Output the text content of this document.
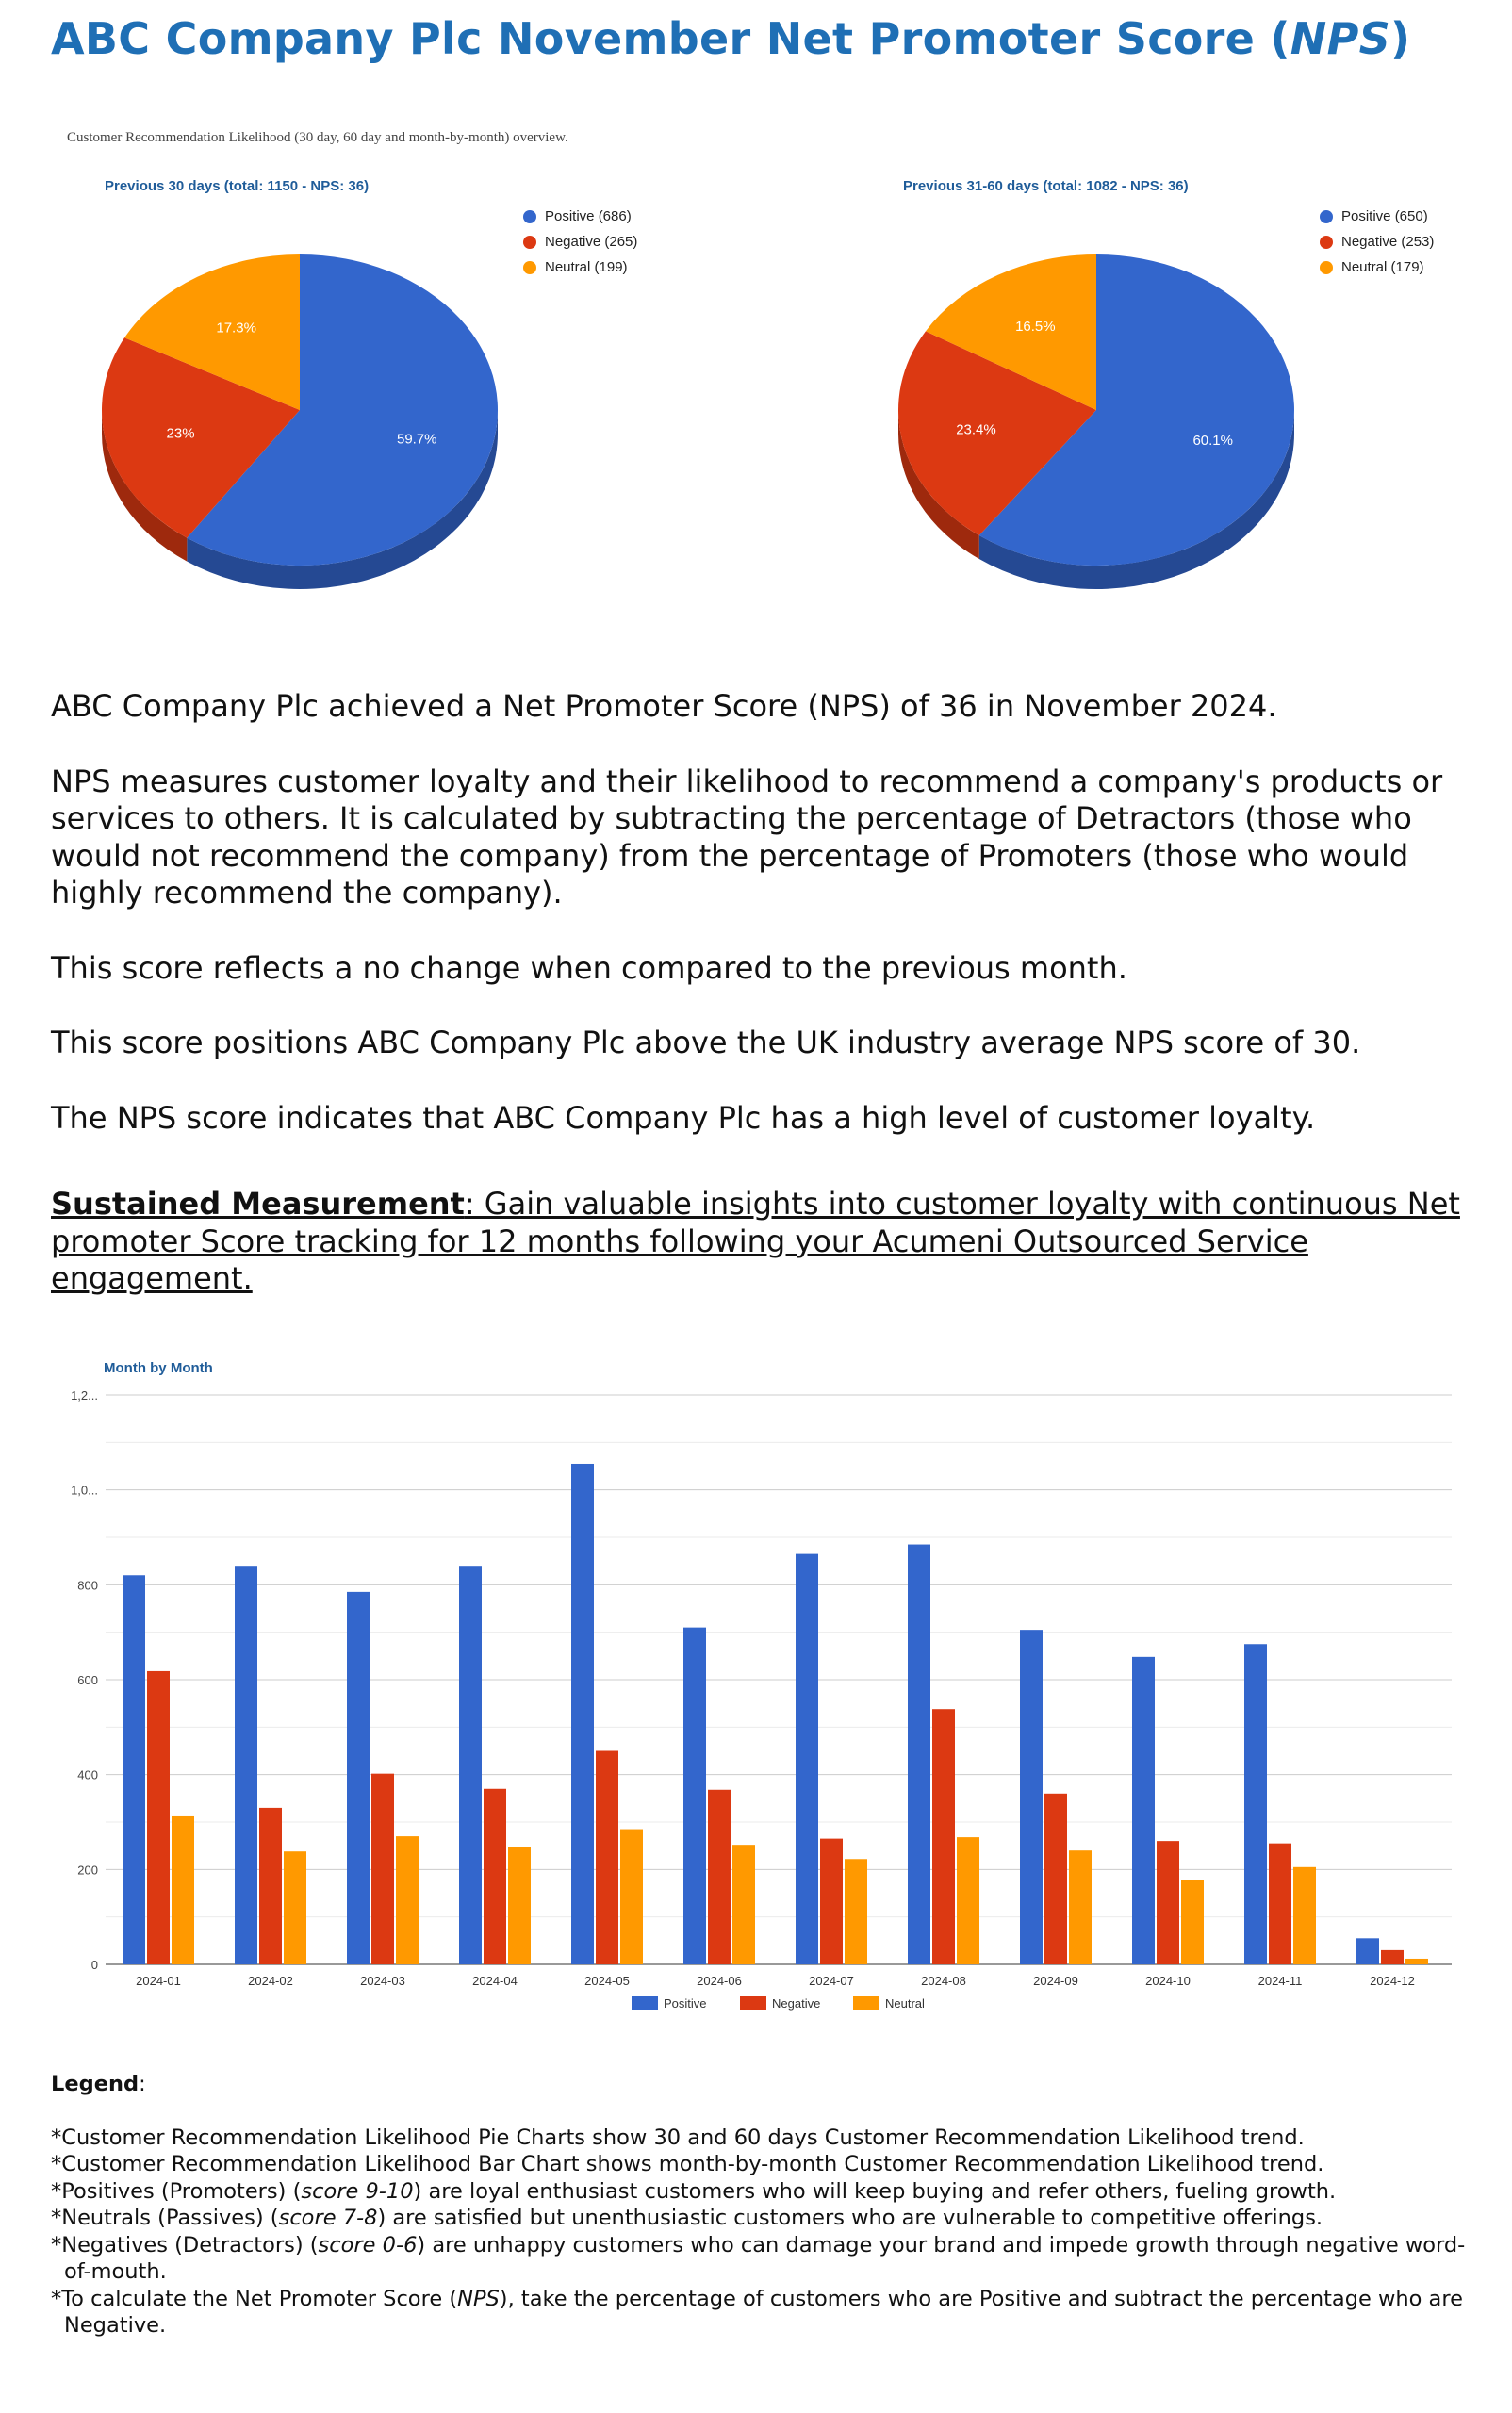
ABC Company Plc November Net Promoter Score (NPS)
Customer Recommendation Likelihood (30 day, 60 day and month-by-month) overview.
Previous 30 days (total: 1150 - NPS: 36)
59.7%
23%
17.3%
Positive (686)
Negative (265)
Neutral (199)
Previous 31-60 days (total: 1082 - NPS: 36)
60.1%
23.4%
16.5%
Positive (650)
Negative (253)
Neutral (179)

ABC Company Plc achieved a Net Promoter Score (NPS) of 36 in November 2024.

NPS measures customer loyalty and their likelihood to recommend a company's products or services to others. It is calculated by subtracting the percentage of Detractors (those who would not recommend the company) from the percentage of Promoters (those who would highly recommend the company).

This score reflects a no change when compared to the previous month.

This score positions ABC Company Plc above the UK industry average NPS score of 30.

The NPS score indicates that ABC Company Plc has a high level of customer loyalty.

Sustained Measurement: Gain valuable insights into customer loyalty with continuous Net promoter Score tracking for 12 months following your Acumeni Outsourced Service engagement.
Month by Month
0
200
400
600
800
1,0...
1,2...
2024-01	2024-02	2024-03	2024-04	2024-05	2024-06	2024-07	2024-08	2024-09	2024-10	2024-11	2024-12
Positive	Negative	Neutral
Legend:
*Customer Recommendation Likelihood Pie Charts show 30 and 60 days Customer Recommendation Likelihood trend.
*Customer Recommendation Likelihood Bar Chart shows month-by-month Customer Recommendation Likelihood trend.
*Positives (Promoters) (score 9-10) are loyal enthusiast customers who will keep buying and refer others, fueling growth.
*Neutrals (Passives) (score 7-8) are satisfied but unenthusiastic customers who are vulnerable to competitive offerings.
*Negatives (Detractors) (score 0-6) are unhappy customers who can damage your brand and impede growth through negative word-of-mouth.
*To calculate the Net Promoter Score (NPS), take the percentage of customers who are Positive and subtract the percentage who are Negative.
